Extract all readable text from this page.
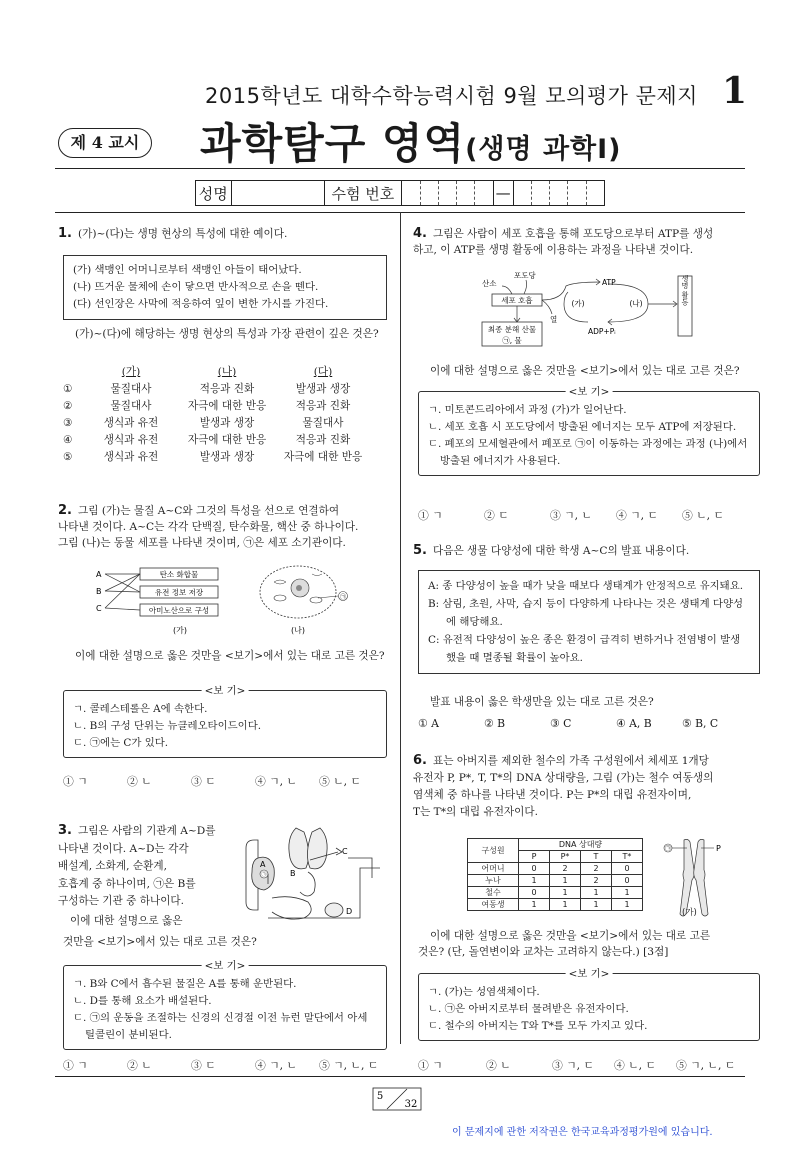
2015학년도 대학수학능력시험 9월 모의평가 문제지 1
제 4 교시	과학탐구 영역(생명 과학Ⅰ)
성명	수험 번호	—
1. (가)~(다)는 생명 현상의 특성에 대한 예이다.
(가) 색맹인 어머니로부터 색맹인 아들이 태어났다.
(나) 뜨거운 물체에 손이 닿으면 반사적으로 손을 뗀다.
(다) 선인장은 사막에 적응하여 잎이 변한 가시를 가진다.
(가)~(다)에 해당하는 생명 현상의 특성과 가장 관련이 깊은 것은?
(가)	(나)	(다)
①	물질대사	적응과 진화	발생과 생장
②	물질대사	자극에 대한 반응	적응과 진화
③	생식과 유전	발생과 생장	물질대사
④	생식과 유전	자극에 대한 반응	적응과 진화
⑤	생식과 유전	발생과 생장	자극에 대한 반응
2. 그림 (가)는 물질 A~C와 그것의 특성을 선으로 연결하여
나타낸 것이다. A~C는 각각 단백질, 탄수화물, 핵산 중 하나이다.
그림 (나)는 동물 세포를 나타낸 것이며, ㉠은 세포 소기관이다.
A
B
C
탄소 화합물
유전 정보 저장
아미노산으로 구성
(가)
㉠
(나)
이에 대한 설명으로 옳은 것만을 <보기>에서 있는 대로 고른 것은?
<보 기>
ㄱ. 콜레스테롤은 A에 속한다.
ㄴ. B의 구성 단위는 뉴클레오타이드이다.
ㄷ. ㉠에는 C가 있다.
① ㄱ	② ㄴ	③ ㄷ	④ ㄱ, ㄴ	⑤ ㄴ, ㄷ
3. 그림은 사람의 기관계 A~D를
나타낸 것이다. A~D는 각각
배설계, 소화계, 순환계,
호흡계 중 하나이며, ㉠은 B를
구성하는 기관 중 하나이다.
이에 대한 설명으로 옳은
것만을 <보기>에서 있는 대로 고른 것은?
㉠
A
B
C
D
<보 기>
ㄱ. B와 C에서 흡수된 물질은 A를 통해 운반된다.
ㄴ. D를 통해 요소가 배설된다.
ㄷ. ㉠의 운동을 조절하는 신경의 신경절 이전 뉴런 말단에서 아세틸콜린이 분비된다.
① ㄱ	② ㄴ	③ ㄷ	④ ㄱ, ㄴ	⑤ ㄱ, ㄴ, ㄷ
4. 그림은 사람이 세포 호흡을 통해 포도당으로부터 ATP를 생성
하고, 이 ATP를 생명 활동에 이용하는 과정을 나타낸 것이다.
산소
포도당
세포 호흡
최종 분해 산물
㉠, 물
ATP
ADP+Pᵢ
(가)	(나)
열
생명 활동
이에 대한 설명으로 옳은 것만을 <보기>에서 있는 대로 고른 것은?
<보 기>
ㄱ. 미토콘드리아에서 과정 (가)가 일어난다.
ㄴ. 세포 호흡 시 포도당에서 방출된 에너지는 모두 ATP에 저장된다.
ㄷ. 폐포의 모세혈관에서 폐포로 ㉠이 이동하는 과정에는 과정 (나)에서 방출된 에너지가 사용된다.
① ㄱ	② ㄷ	③ ㄱ, ㄴ	④ ㄱ, ㄷ	⑤ ㄴ, ㄷ
5. 다음은 생물 다양성에 대한 학생 A~C의 발표 내용이다.
A: 종 다양성이 높을 때가 낮을 때보다 생태계가 안정적으로 유지돼요.
B: 삼림, 초원, 사막, 습지 등이 다양하게 나타나는 것은 생태계 다양성에 해당해요.
C: 유전적 다양성이 높은 종은 환경이 급격히 변하거나 전염병이 발생했을 때 멸종될 확률이 높아요.
발표 내용이 옳은 학생만을 있는 대로 고른 것은?
① A	② B	③ C	④ A, B	⑤ B, C
6. 표는 아버지를 제외한 철수의 가족 구성원에서 체세포 1개당
유전자 P, P*, T, T*의 DNA 상대량을, 그림 (가)는 철수 여동생의
염색체 중 하나를 나타낸 것이다. P는 P*의 대립 유전자이며,
T는 T*의 대립 유전자이다.
구성원	DNA 상대량			
	P	P*	T	T*
어머니	0	2	2	0
누나	1	1	2	0
철수	0	1	1	1
여동생	1	1	1	1
㉠	P
(가)
이에 대한 설명으로 옳은 것만을 <보기>에서 있는 대로 고른
것은? (단, 돌연변이와 교차는 고려하지 않는다.) [3점]
<보 기>
ㄱ. (가)는 성염색체이다.
ㄴ. ㉠은 아버지로부터 물려받은 유전자이다.
ㄷ. 철수의 아버지는 T와 T*를 모두 가지고 있다.
① ㄱ	② ㄴ	③ ㄱ, ㄷ	④ ㄴ, ㄷ	⑤ ㄱ, ㄴ, ㄷ
5
32
이 문제지에 관한 저작권은 한국교육과정평가원에 있습니다.
